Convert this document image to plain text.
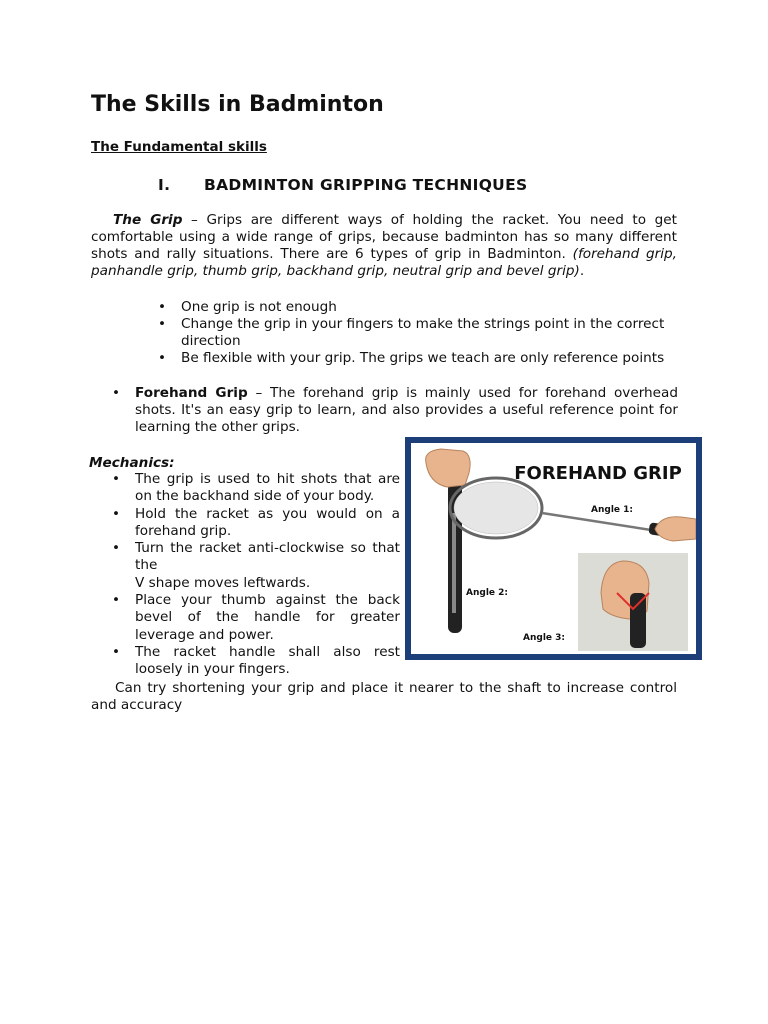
The Skills in Badminton

The Fundamental skills

I. BADMINTON GRIPPING TECHNIQUES

The Grip – Grips are different ways of holding the racket. You need to get comfortable using a wide range of grips, because badminton has so many different shots and rally situations. There are 6 types of grip in Badminton. (forehand grip, panhandle grip, thumb grip, backhand grip, neutral grip and bevel grip).

• One grip is not enough
• Change the grip in your fingers to make the strings point in the correct direction
• Be flexible with your grip. The grips we teach are only reference points

• Forehand Grip – The forehand grip is mainly used for forehand overhead shots. It's an easy grip to learn, and also provides a useful reference point for learning the other grips.

Mechanics:

• The grip is used to hit shots that are on the backhand side of your body.
• Hold the racket as you would on a forehand grip.
• Turn the racket anti-clockwise so that the
V shape moves leftwards.
• Place your thumb against the back bevel of the handle for greater leverage and power.
• The racket handle shall also rest loosely in your fingers.

Can try shortening your grip and place it nearer to the shaft to increase control and accuracy

FOREHAND GRIP
Angle 1:
Angle 2:
Angle 3:
